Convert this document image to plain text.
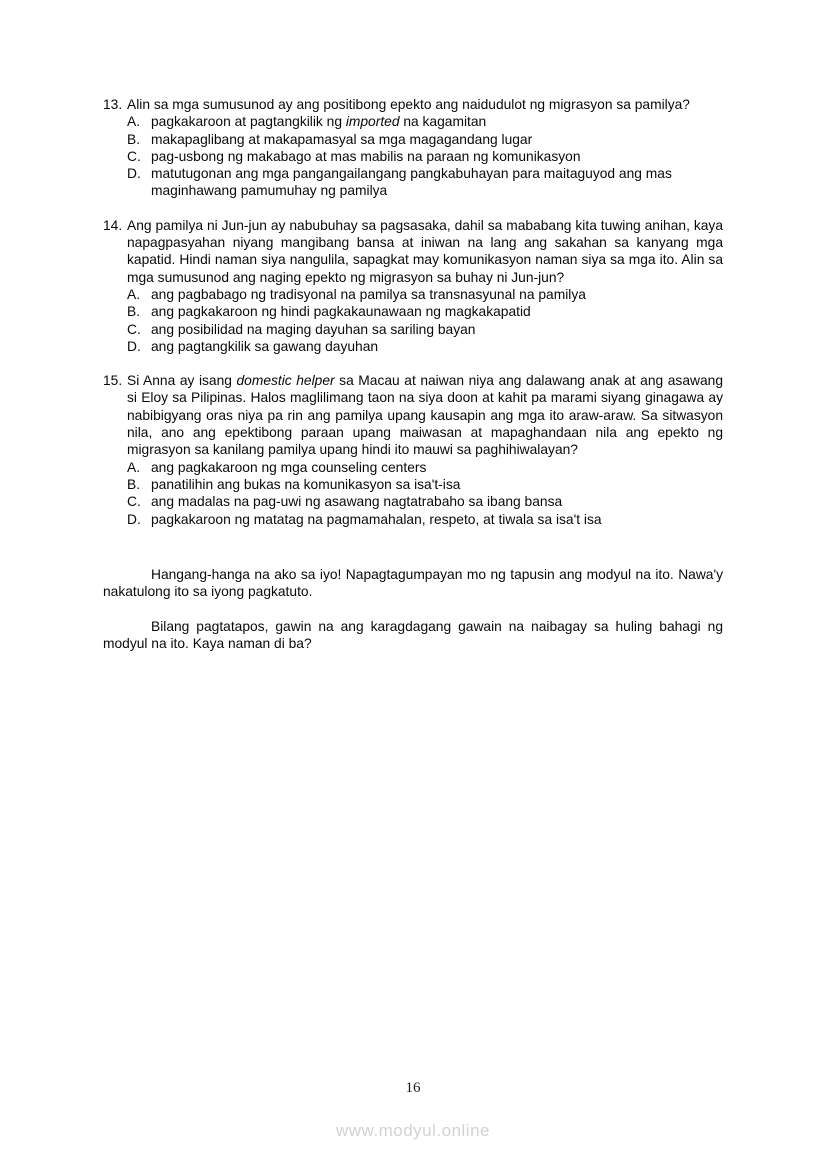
13. Alin sa mga sumusunod ay ang positibong epekto ang naidudulot ng migrasyon sa pamilya?

A. pagkakaroon at pagtangkilik ng imported na kagamitan
B. makapaglibang at makapamasyal sa mga magagandang lugar
C. pag-usbong ng makabago at mas mabilis na paraan ng komunikasyon
D. matutugonan ang mga pangangailangang pangkabuhayan para maitaguyod ang mas maginhawang pamumuhay ng pamilya
14. Ang pamilya ni Jun-jun ay nabubuhay sa pagsasaka, dahil sa mababang kita tuwing anihan, kaya napagpasyahan niyang mangibang bansa at iniwan na lang ang sakahan sa kanyang mga kapatid. Hindi naman siya nangulila, sapagkat may komunikasyon naman siya sa mga ito. Alin sa mga sumusunod ang naging epekto ng migrasyon sa buhay ni Jun-jun?

A. ang pagbabago ng tradisyonal na pamilya sa transnasyunal na pamilya
B. ang pagkakaroon ng hindi pagkakaunawaan ng magkakapatid
C. ang posibilidad na maging dayuhan sa sariling bayan
D. ang pagtangkilik sa gawang dayuhan
15. Si Anna ay isang domestic helper sa Macau at naiwan niya ang dalawang anak at ang asawang si Eloy sa Pilipinas. Halos maglilimang taon na siya doon at kahit pa marami siyang ginagawa ay nabibigyang oras niya pa rin ang pamilya upang kausapin ang mga ito araw-araw. Sa sitwasyon nila, ano ang epektibong paraan upang maiwasan at mapaghandaan nila ang epekto ng migrasyon sa kanilang pamilya upang hindi ito mauwi sa paghihiwalayan?

A. ang pagkakaroon ng mga counseling centers
B. panatilihin ang bukas na komunikasyon sa isa't-isa
C. ang madalas na pag-uwi ng asawang nagtatrabaho sa ibang bansa
D. pagkakaroon ng matatag na pagmamahalan, respeto, at tiwala sa isa't isa

Hangang-hanga na ako sa iyo! Napagtagumpayan mo ng tapusin ang modyul na ito. Nawa'y nakatulong ito sa iyong pagkatuto.

Bilang pagtatapos, gawin na ang karagdagang gawain na naibagay sa huling bahagi ng modyul na ito. Kaya naman di ba?

16
www.modyul.online
